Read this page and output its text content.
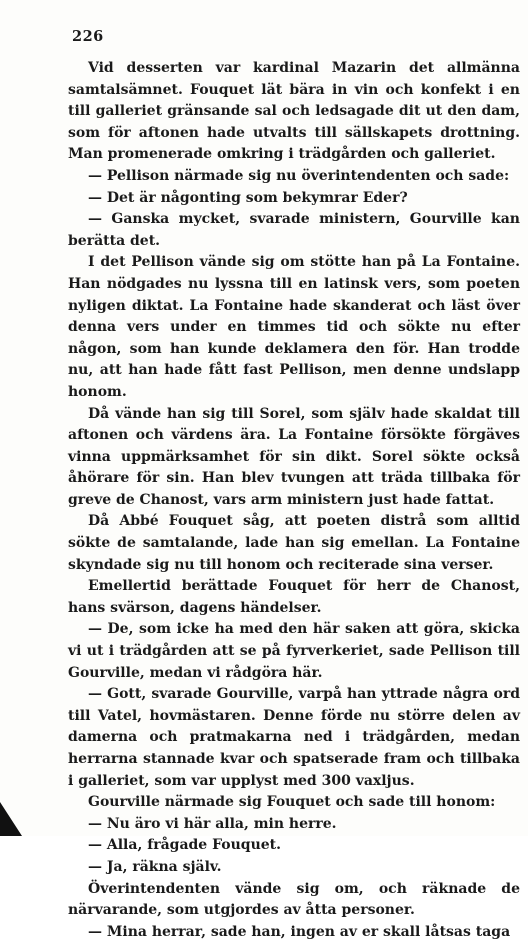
226

Vid desserten var kardinal Mazarin det allmänna samtalsämnet. Fouquet lät bära in vin och konfekt i en till galleriet gränsande sal och ledsagade dit ut den dam, som för aftonen hade utvalts till sällskapets drottning. Man promenerade omkring i trädgården och galleriet.

— Pellison närmade sig nu överintendenten och sade:

— Det är någonting som bekymrar Eder?

— Ganska mycket, svarade ministern, Gourville kan berätta det.

I det Pellison vände sig om stötte han på La Fontaine. Han nödgades nu lyssna till en latinsk vers, som poeten nyligen diktat. La Fontaine hade skanderat och läst över denna vers under en timmes tid och sökte nu efter någon, som han kunde deklamera den för. Han trodde nu, att han hade fått fast Pellison, men denne undslapp honom.

Då vände han sig till Sorel, som själv hade skaldat till aftonen och värdens ära. La Fontaine försökte förgäves vinna uppmärksamhet för sin dikt. Sorel sökte också åhörare för sin. Han blev tvungen att träda tillbaka för greve de Chanost, vars arm ministern just hade fattat.

Då Abbé Fouquet såg, att poeten distrå som alltid sökte de samtalande, lade han sig emellan. La Fontaine skyndade sig nu till honom och reciterade sina verser.

Emellertid berättade Fouquet för herr de Chanost, hans svärson, dagens händelser.

— De, som icke ha med den här saken att göra, skicka vi ut i trädgården att se på fyrverkeriet, sade Pellison till Gourville, medan vi rådgöra här.

— Gott, svarade Gourville, varpå han yttrade några ord till Vatel, hovmästaren. Denne förde nu större delen av damerna och pratmakarna ned i trädgården, medan herrarna stannade kvar och spatserade fram och tillbaka i galleriet, som var upplyst med 300 vaxljus.

Gourville närmade sig Fouquet och sade till honom:

— Nu äro vi här alla, min herre.

— Alla, frågade Fouquet.

— Ja, räkna själv.

Överintendenten vände sig om, och räknade de närvarande, som utgjordes av åtta personer.

— Mina herrar, sade han, ingen av er skall låtsas taga
